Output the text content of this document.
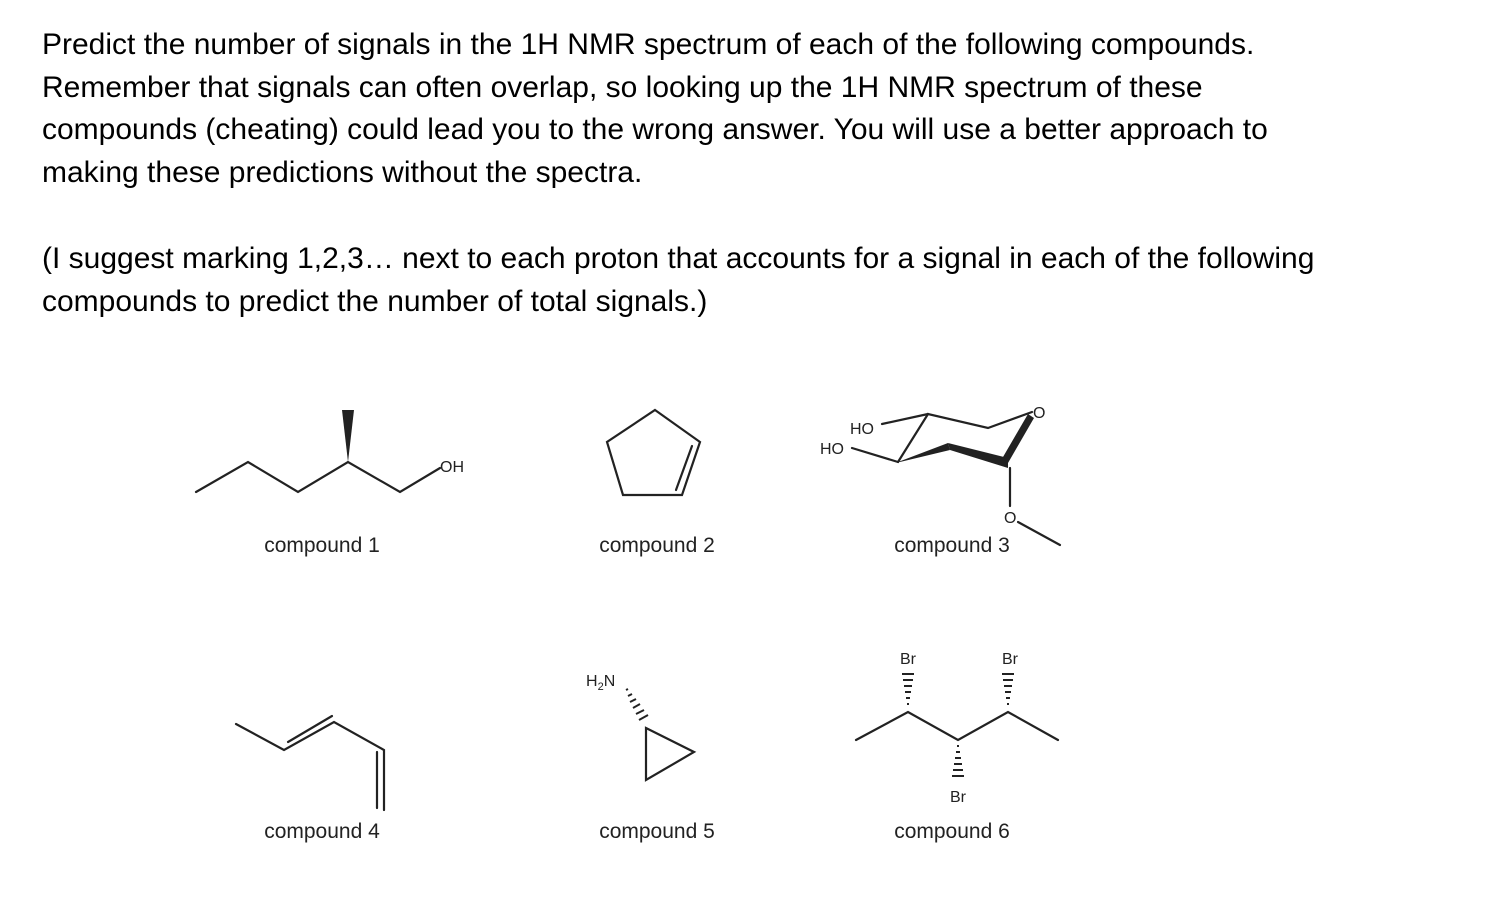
Predict the number of signals in the 1H NMR spectrum of each of the following compounds.
Remember that signals can often overlap, so looking up the 1H NMR spectrum of these
compounds (cheating) could lead you to the wrong answer. You will use a better approach to
making these predictions without the spectra.

(I suggest marking 1,2,3… next to each proton that accounts for a signal in each of the following
compounds to predict the number of total signals.)

OH
compound 1	compound 2
HO
HO
O
O
compound 3
compound 4
$H_2N$
compound 5
Br	Br
Br
compound 6
